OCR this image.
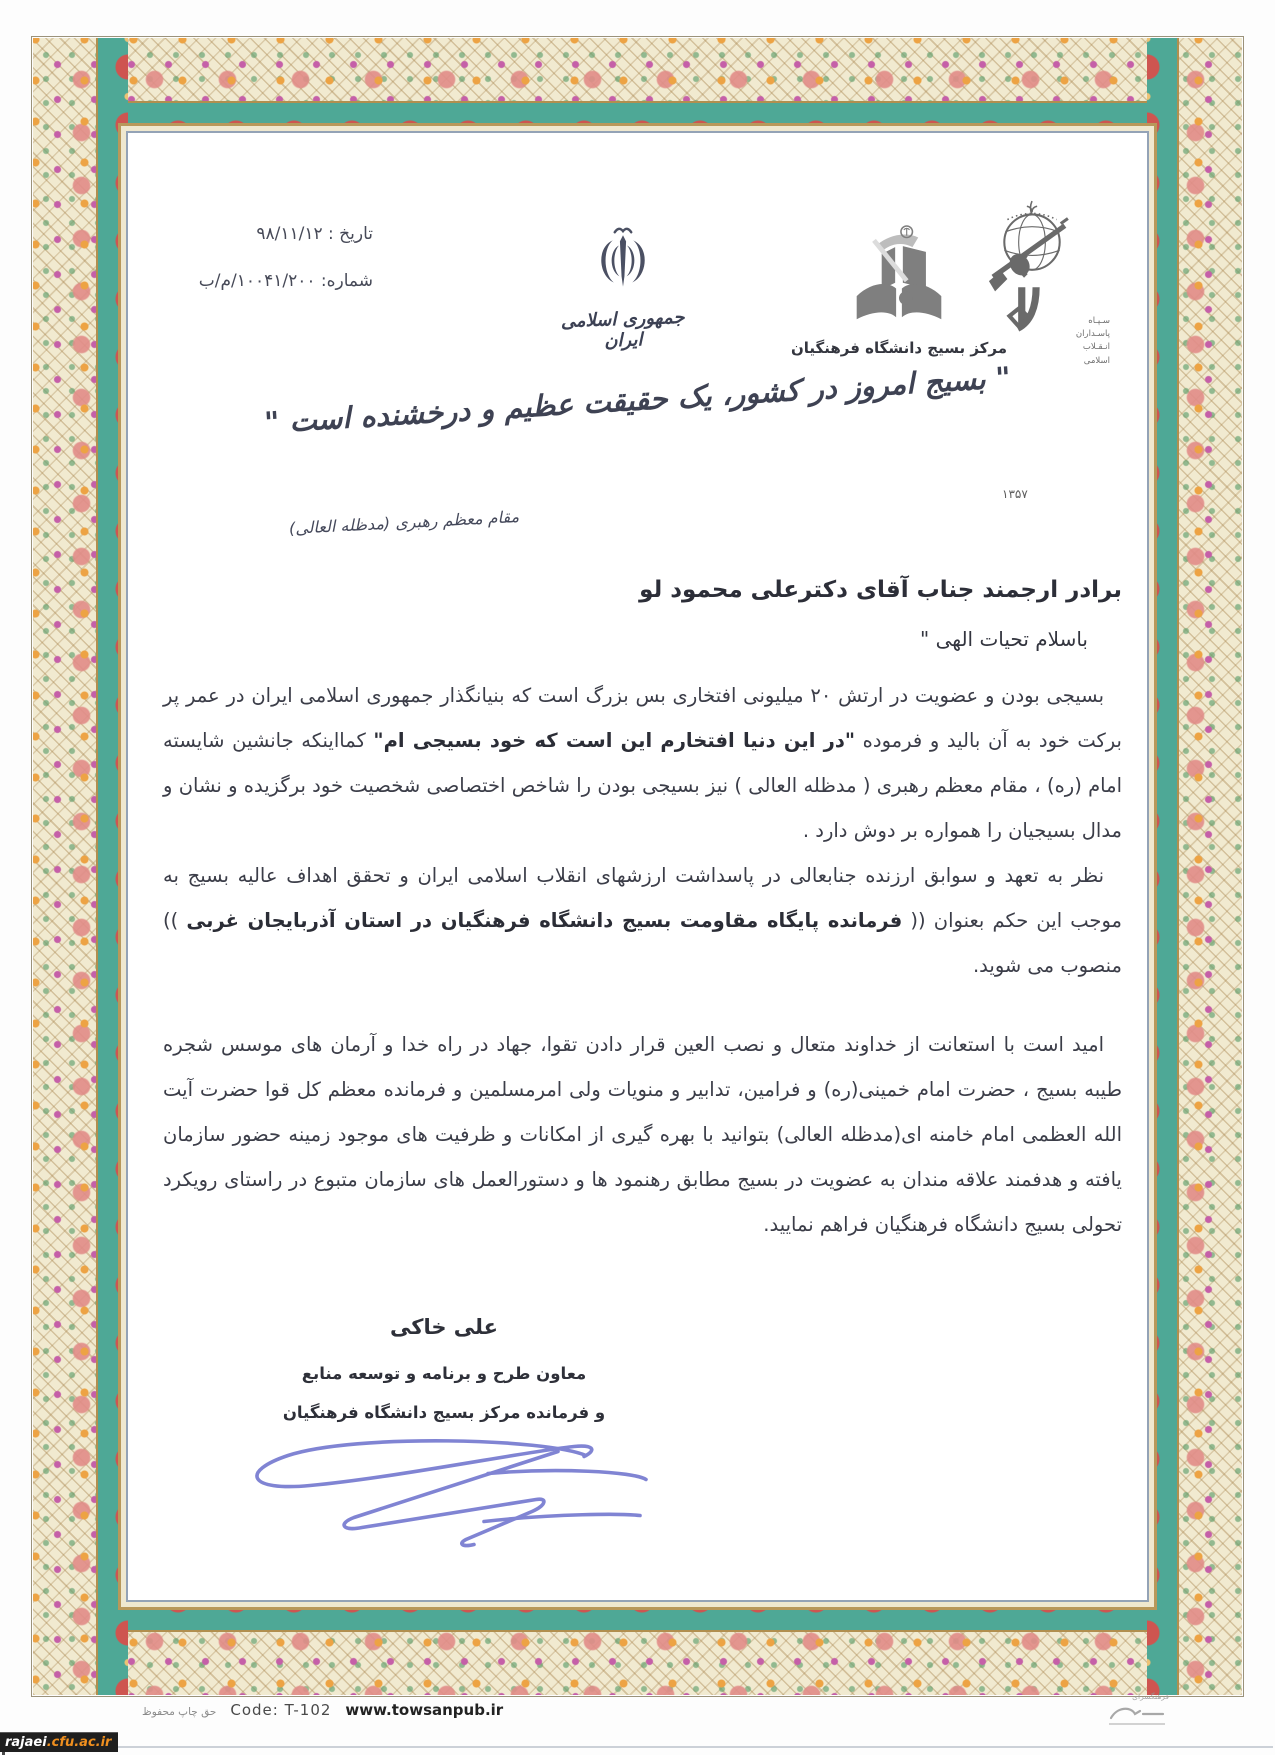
تاریخ : ۹۸/۱۱/۱۲
شماره: ۱۰۰۴۱/۲۰۰/م/ب
جمهوری اسلامی ایران	مرکز بسیج دانشگاه فرهنگیان
سـپـاه
پاسـداران
انـقـلاب
اسلامی
۱۳۵۷
" بسیج امروز در کشور، یک حقیقت عظیم و درخشنده است "
مقام معظم رهبری (مدظله العالی)
برادر ارجمند جناب آقای دکترعلی محمود لو
باسلام تحیات الهی "

بسیجی بودن و عضویت در ارتش ۲۰ میلیونی افتخاری بس بزرگ است که بنیانگذار جمهوری اسلامی ایران در عمر پر برکت خود به آن بالید و فرموده "در این دنیا افتخارم این است که خود بسیجی ام" کمااینکه جانشین شایسته امام (ره) ، مقام معظم رهبری ( مدظله العالی ) نیز بسیجی بودن را شاخص اختصاصی شخصیت خود برگزیده و نشان و مدال بسیجیان را همواره بر دوش دارد .

نظر به تعهد و سوابق ارزنده جنابعالی در پاسداشت ارزشهای انقلاب اسلامی ایران و تحقق اهداف عالیه بسیج به موجب این حکم بعنوان (( فرمانده پایگاه مقاومت بسیج دانشگاه فرهنگیان در استان آذربایجان غربی )) منصوب می شوید.

امید است با استعانت از خداوند متعال و نصب العین قرار دادن تقوا، جهاد در راه خدا و آرمان های موسس شجره طیبه بسیج ، حضرت امام خمینی(ره) و فرامین، تدابیر و منویات ولی امرمسلمین و فرمانده معظم کل قوا حضرت آیت الله العظمی امام خامنه ای(مدظله العالی) بتوانید با بهره گیری از امکانات و ظرفیت های موجود زمینه حضور سازمان یافته و هدفمند علاقه مندان به عضویت در بسیج مطابق رهنمود ها و دستورالعمل های سازمان متبوع در راستای رویکرد تحولی بسیج دانشگاه فرهنگیان فراهم نمایید.

علی خاکی
معاون طرح و برنامه و توسعه منابع
و فرمانده مرکز بسیج دانشگاه فرهنگیان
حق چاپ محفوظ Code: T-102 www.towsanpub.ir
فرهنگسرای
rajaei.cfu.ac.ir
